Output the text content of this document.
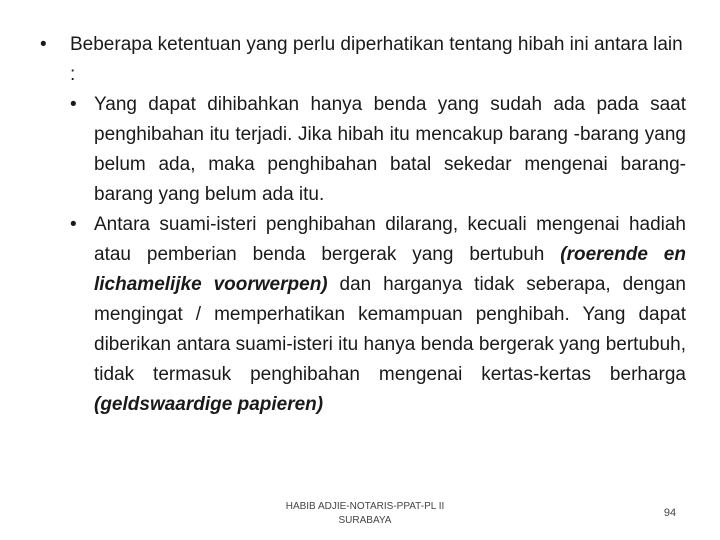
•	Beberapa ketentuan yang perlu diperhatikan tentang hibah ini antara lain :
• Yang dapat dihibahkan hanya benda yang sudah ada pada saat penghibahan itu terjadi. Jika hibah itu mencakup barang -barang yang belum ada, maka penghibahan batal sekedar mengenai barang-barang yang belum ada itu.
• Antara suami-isteri penghibahan dilarang, kecuali mengenai hadiah atau pemberian benda bergerak yang bertubuh (roerende en lichamelijke voorwerpen) dan harganya tidak seberapa, dengan mengingat / memperhatikan kemampuan penghibah. Yang dapat diberikan antara suami-isteri itu hanya benda bergerak yang bertubuh, tidak termasuk penghibahan mengenai kertas-kertas berharga (geldswaardige papieren)
HABIB ADJIE-NOTARIS-PPAT-PL II
SURABAYA
94
